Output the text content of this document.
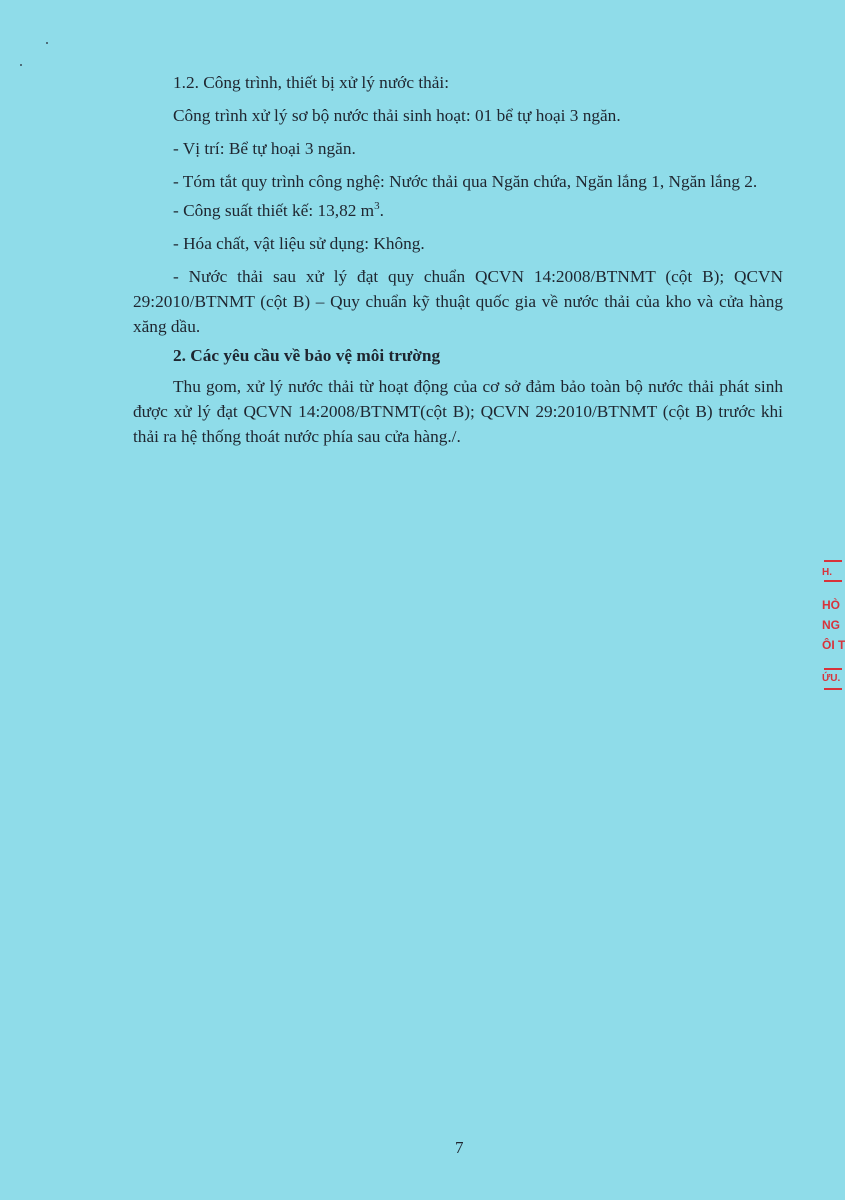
1.2. Công trình, thiết bị xử lý nước thải:

Công trình xử lý sơ bộ nước thải sinh hoạt: 01 bể tự hoại 3 ngăn.

- Vị trí: Bể tự hoại 3 ngăn.

- Tóm tắt quy trình công nghệ: Nước thải qua Ngăn chứa, Ngăn lắng 1, Ngăn lắng 2.

- Công suất thiết kế: 13,82 $m^3$.

- Hóa chất, vật liệu sử dụng: Không.

- Nước thải sau xử lý đạt quy chuẩn QCVN 14:2008/BTNMT (cột B); QCVN 29:2010/BTNMT (cột B) – Quy chuẩn kỹ thuật quốc gia về nước thải của kho và cửa hàng xăng dầu.

2. Các yêu cầu về bảo vệ môi trường

Thu gom, xử lý nước thải từ hoạt động của cơ sở đảm bảo toàn bộ nước thải phát sinh được xử lý đạt QCVN 14:2008/BTNMT(cột B); QCVN 29:2010/BTNMT (cột B) trước khi thải ra hệ thống thoát nước phía sau cửa hàng./.

H.
HÒ
NG
ÔI T
ỨU.
7
